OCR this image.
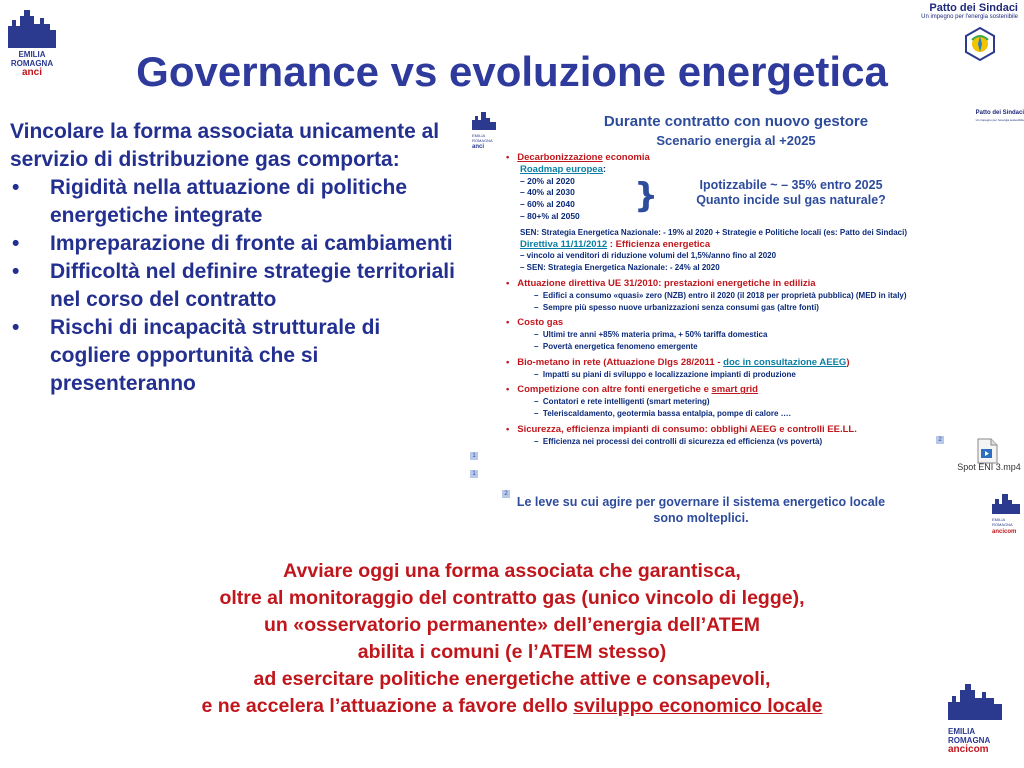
EMILIA
ROMAGNA
anci
Patto dei Sindaci
Un impegno per l'energia sostenibile
Governance vs evoluzione energetica

Vincolare la forma associata unicamente al servizio di distribuzione gas comporta:

• Rigidità nella attuazione di politiche energetiche integrate
• Impreparazione di fronte ai cambiamenti
• Difficoltà nel definire strategie territoriali nel corso del contratto
• Rischi di incapacità strutturale di cogliere opportunità che si presenteranno
EMILIA
ROMAGNA
anci
Patto dei Sindaci
Un impegno per l'energia sostenibile
Durante contratto con nuovo gestore
Scenario energia al +2025
}	Ipotizzabile ~ – 35% entro 2025
Quanto incide sul gas naturale?
•   Decarbonizzazione economia
Roadmap europea:
– 20% al 2020
– 40% al 2030
– 60% al 2040
– 80+% al 2050
SEN: Strategia Energetica Nazionale: - 19% al 2020 + Strategie e Politiche locali (es: Patto dei Sindaci)
Direttiva 11/11/2012 : Efficienza energetica
– vincolo ai venditori di riduzione volumi del 1,5%/anno fino al 2020
– SEN: Strategia Energetica Nazionale: - 24% al 2020
•   Attuazione direttiva UE 31/2010: prestazioni energetiche in edilizia
–  Edifici a consumo «quasi» zero (NZB) entro il 2020 (il 2018 per proprietà pubblica) (MED in italy)
–  Sempre più spesso nuove urbanizzazioni senza consumi gas (altre fonti)
•   Costo gas
–  Ultimi tre anni +85% materia prima, + 50% tariffa domestica
–  Povertà energetica fenomeno emergente
•   Bio-metano in rete (Attuazione Dlgs 28/2011 - doc in consultazione AEEG)
–  Impatti su piani di sviluppo e localizzazione impianti di produzione
•   Competizione con altre fonti energetiche e smart grid
–  Contatori e rete intelligenti (smart metering)
–  Teleriscaldamento, geotermia bassa entalpia, pompe di calore ….
•   Sicurezza, efficienza impianti di consumo: obblighi AEEG e controlli EE.LL.
–  Efficienza nei processi dei controlli di sicurezza ed efficienza (vs povertà)
Le leve su cui agire per governare il sistema energetico locale
sono molteplici.
1
1
2
2
Spot ENI 3.mp4
EMILIA
ROMAGNA
ancicom
Avviare oggi una forma associata che garantisca,
oltre al monitoraggio del contratto gas (unico vincolo di legge),
un «osservatorio permanente» dell’energia dell’ATEM
abilita i comuni (e l’ATEM stesso)
ad esercitare politiche energetiche attive e consapevoli,
e ne accelera l’attuazione a favore dello sviluppo economico locale
EMILIA
ROMAGNA
ancicom
